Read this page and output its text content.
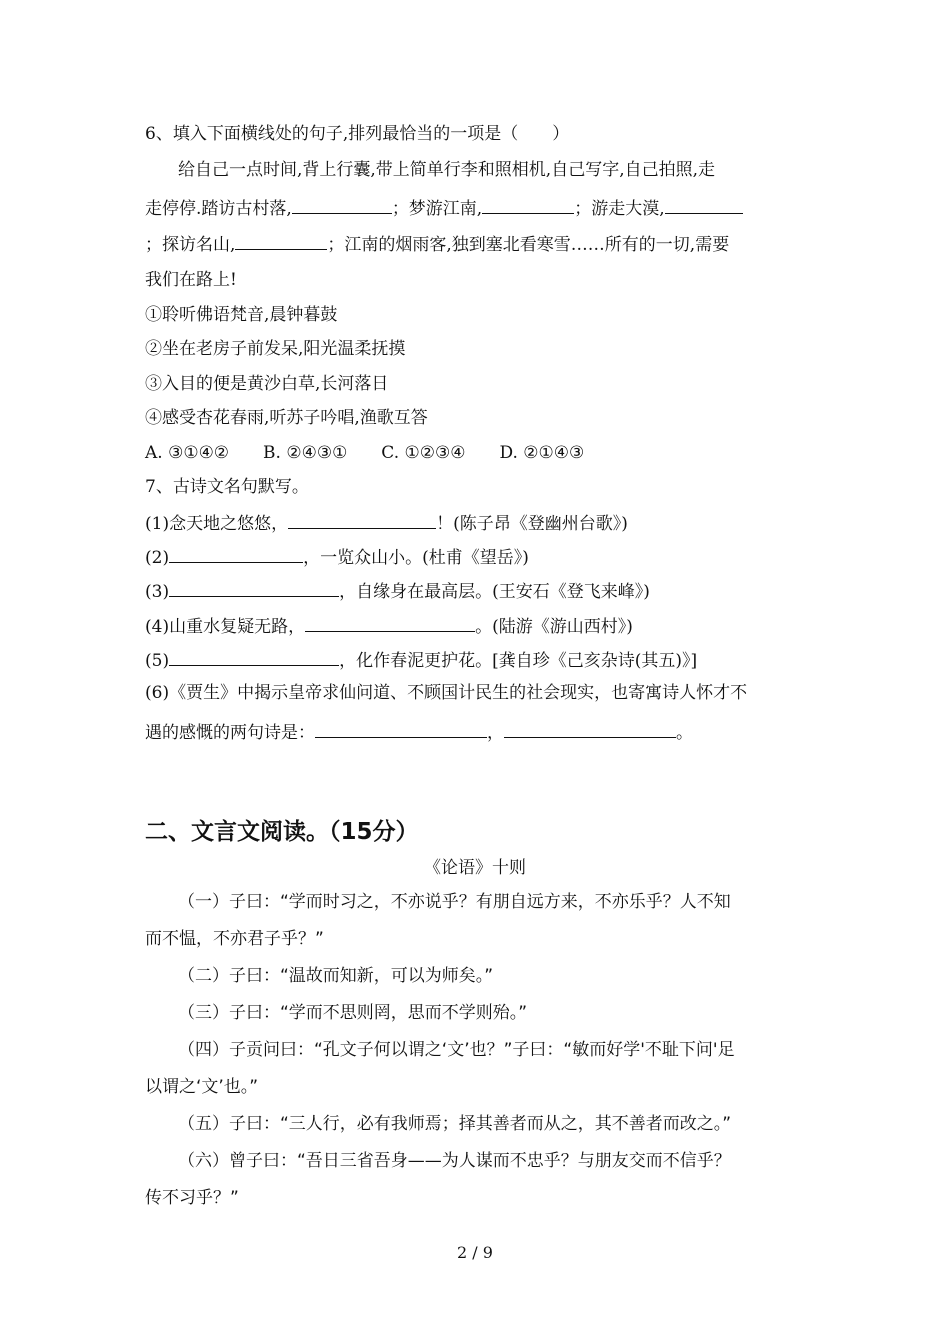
6、填入下面横线处的句子,排列最恰当的一项是（　　）
给自己一点时间,背上行囊,带上简单行李和照相机,自己写字,自己拍照,走
走停停.踏访古村落,	；梦游江南,	；游走大漠,
；探访名山,	；江南的烟雨客,独到塞北看寒雪……所有的一切,需要
我们在路上!
①聆听佛语梵音,晨钟暮鼓
②坐在老房子前发呆,阳光温柔抚摸
③入目的便是黄沙白草,长河落日
④感受杏花春雨,听苏子吟唱,渔歌互答
A. ③①④②　　B. ②④③①　　C. ①②③④　　D. ②①④③
7、古诗文名句默写。
(1)念天地之悠悠，	！(陈子昂《登幽州台歌》)
(2)	，一览众山小。(杜甫《望岳》)
(3)	，自缘身在最高层。(王安石《登飞来峰》)
(4)山重水复疑无路，	。(陆游《游山西村》)
(5)	，化作春泥更护花。[龚自珍《己亥杂诗(其五)》]
(6)《贾生》中揭示皇帝求仙问道、不顾国计民生的社会现实，也寄寓诗人怀才不
遇的感慨的两句诗是：	，	。
二、文言文阅读。（15分）
《论语》十则
（一）子曰：“学而时习之，不亦说乎？有朋自远方来，不亦乐乎？人不知
而不愠，不亦君子乎？”
（二）子曰：“温故而知新，可以为师矣。”
（三）子曰：“学而不思则罔，思而不学则殆。”
（四）子贡问曰：“孔文子何以谓之‘文’也？”子曰：“敏而好学'不耻下问'足
以谓之‘文’也。”
（五）子曰：“三人行，必有我师焉；择其善者而从之，其不善者而改之。”
（六）曾子曰：“吾日三省吾身——为人谋而不忠乎？与朋友交而不信乎？
传不习乎？”
2 / 9
